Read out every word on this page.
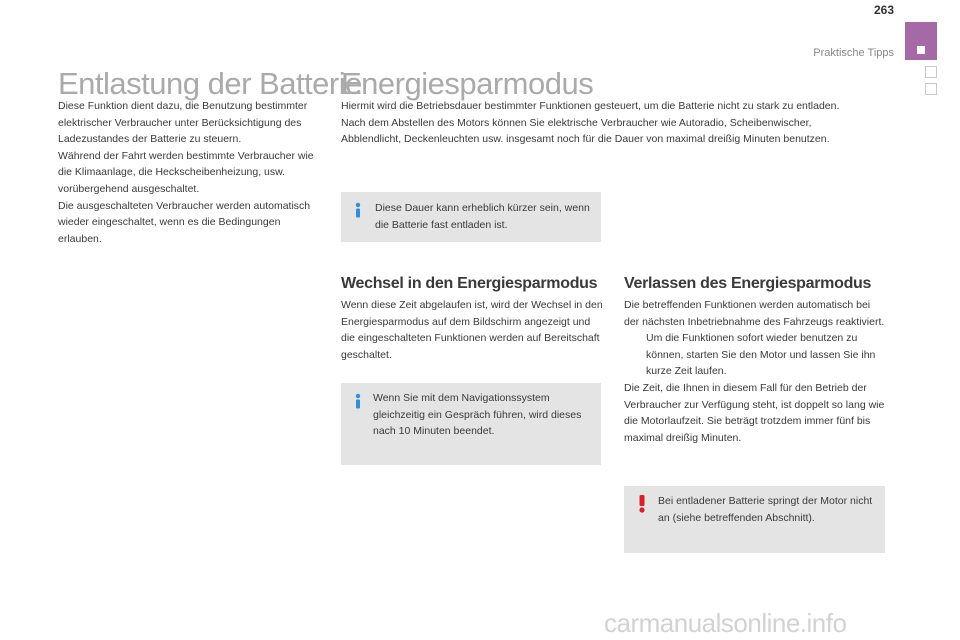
263
Praktische Tipps
Entlastung der Batterie

Diese Funktion dient dazu, die Benutzung bestimmter elektrischer Verbraucher unter Berücksichtigung des Ladezustandes der Batterie zu steuern.

Während der Fahrt werden bestimmte Verbraucher wie die Klimaanlage, die Heckscheibenheizung, usw. vorübergehend ausgeschaltet.

Die ausgeschalteten Verbraucher werden automatisch wieder eingeschaltet, wenn es die Bedingungen erlauben.

Energiesparmodus

Hiermit wird die Betriebsdauer bestimmter Funktionen gesteuert, um die Batterie nicht zu stark zu entladen.

Nach dem Abstellen des Motors können Sie elektrische Verbraucher wie Autoradio, Scheibenwischer, Abblendlicht, Deckenleuchten usw. insgesamt noch für die Dauer von maximal dreißig Minuten benutzen.

Diese Dauer kann erheblich kürzer sein, wenn die Batterie fast entladen ist.
Wechsel in den Energiesparmodus
Wenn diese Zeit abgelaufen ist, wird der Wechsel in den Energiesparmodus auf dem Bildschirm angezeigt und die eingeschalteten Funktionen werden auf Bereitschaft geschaltet.
Wenn Sie mit dem Navigationssystem gleichzeitig ein Gespräch führen, wird dieses nach 10 Minuten beendet.
Verlassen des Energiesparmodus

Die betreffenden Funktionen werden automatisch bei der nächsten Inbetriebnahme des Fahrzeugs reaktiviert.

Um die Funktionen sofort wieder benutzen zu können, starten Sie den Motor und lassen Sie ihn kurze Zeit laufen.

Die Zeit, die Ihnen in diesem Fall für den Betrieb der Verbraucher zur Verfügung steht, ist doppelt so lang wie die Motorlaufzeit. Sie beträgt trotzdem immer fünf bis maximal dreißig Minuten.

Bei entladener Batterie springt der Motor nicht an (siehe betreffenden Abschnitt).
carmanualsonline.info
